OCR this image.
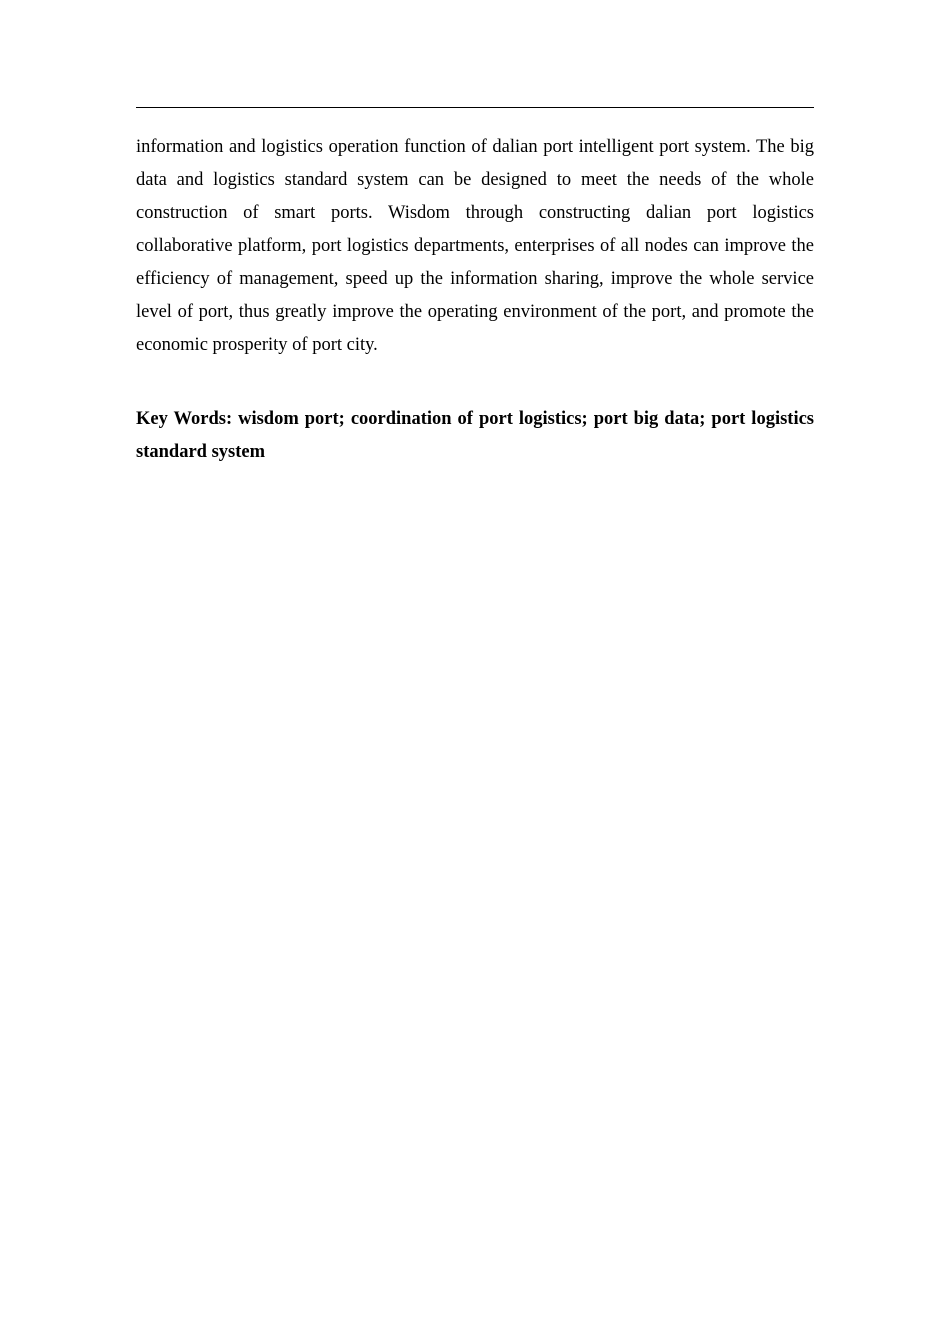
information and logistics operation function of dalian port intelligent port system. The big data and logistics standard system can be designed to meet the needs of the whole construction of smart ports. Wisdom through constructing dalian port logistics collaborative platform, port logistics departments, enterprises of all nodes can improve the efficiency of management, speed up the information sharing, improve the whole service level of port, thus greatly improve the operating environment of the port, and promote the economic prosperity of port city.

Key Words: wisdom port; coordination of port logistics; port big data; port logistics standard system
